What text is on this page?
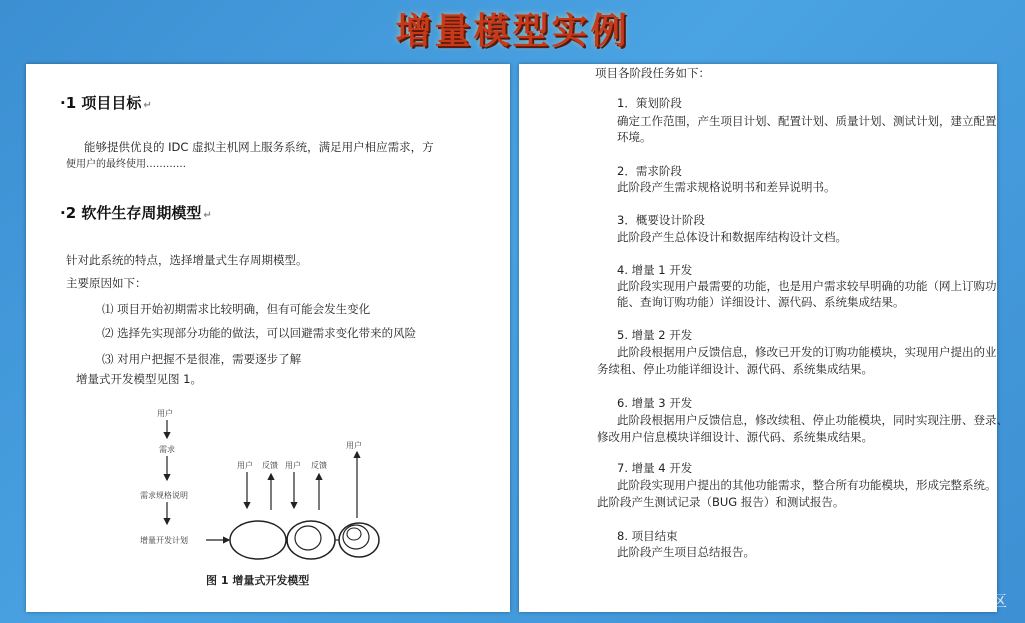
增量模型实例
·1 项目目标 ↵
能够提供优良的 IDC 虚拟主机网上服务系统，满足用户相应需求，方
便用户的最终使用…………
·2 软件生存周期模型 ↵
针对此系统的特点，选择增量式生存周期模型。
主要原因如下：
⑴ 项目开始初期需求比较明确，但有可能会发生变化
⑵ 选择先实现部分功能的做法，可以回避需求变化带来的风险
⑶ 对用户把握不是很准，需要逐步了解
增量式开发模型见图 1。
用户
需求
需求规格说明
增量开发计划
用户 反馈 用户 反馈
用户
图 1 增量式开发模型
项目各阶段任务如下：
1．策划阶段
确定工作范围，产生项目计划、配置计划、质量计划、测试计划，建立配置
环境。
2．需求阶段
此阶段产生需求规格说明书和差异说明书。
3．概要设计阶段
此阶段产生总体设计和数据库结构设计文档。
4. 增量 1 开发
此阶段实现用户最需要的功能，也是用户需求较早明确的功能（网上订购功
能、查询订购功能）详细设计、源代码、系统集成结果。
5. 增量 2 开发
此阶段根据用户反馈信息，修改已开发的订购功能模块，实现用户提出的业
务续租、停止功能详细设计、源代码、系统集成结果。
6. 增量 3 开发
此阶段根据用户反馈信息，修改续租、停止功能模块，同时实现注册、登录、
修改用户信息模块详细设计、源代码、系统集成结果。
7. 增量 4 开发
此阶段实现用户提出的其他功能需求，整合所有功能模块，形成完整系统。
此阶段产生测试记录（BUG 报告）和测试报告。
8. 项目结束
此阶段产生项目总结报告。
@稀土掘金技术社区
